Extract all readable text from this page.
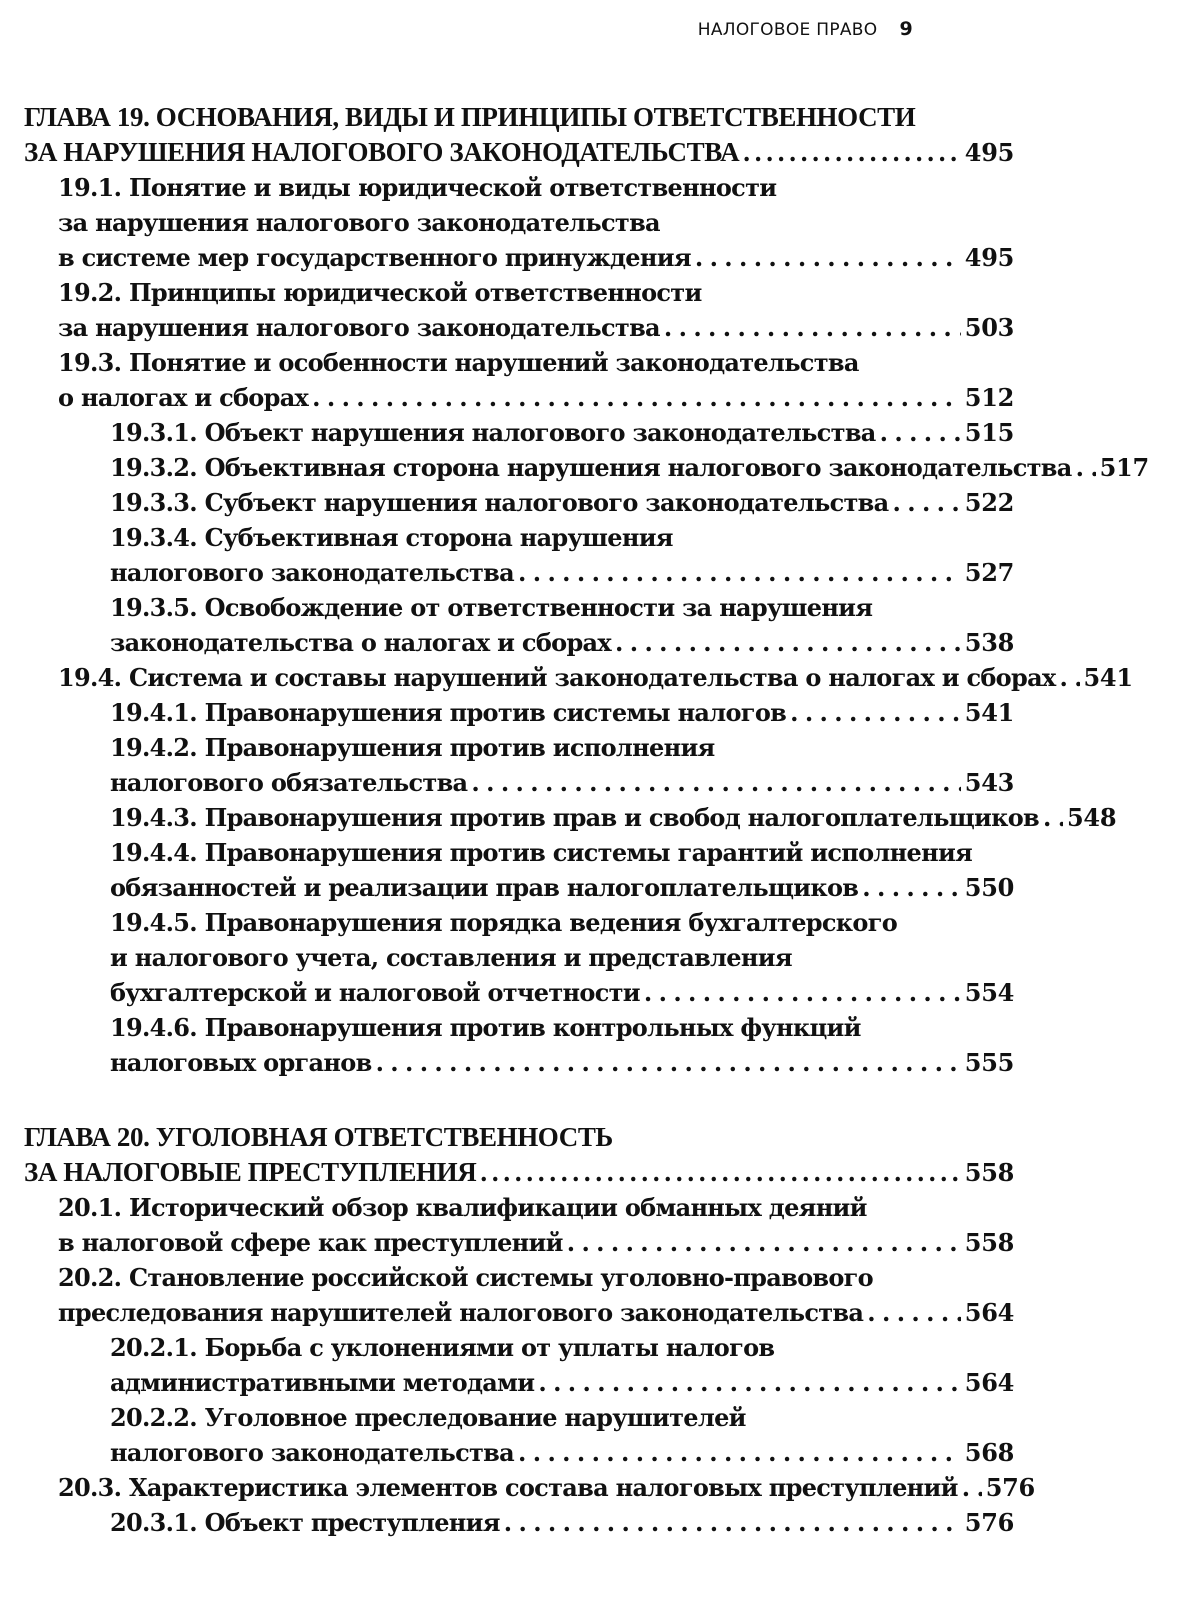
НАЛОГОВОЕ ПРАВО 9
ГЛАВА 19. ОСНОВАНИЯ, ВИДЫ И ПРИНЦИПЫ ОТВЕТСТВЕННОСТИ
ЗА НАРУШЕНИЯ НАЛОГОВОГО ЗАКОНОДАТЕЛЬСТВА . . .	495
19.1. Понятие и виды юридической ответственности
за нарушения налогового законодательства
в системе мер государственного принуждения . . .	495
19.2. Принципы юридической ответственности
за нарушения налогового законодательства . . .	503
19.3. Понятие и особенности нарушений законодательства
о налогах и сборах . . .	512
19.3.1. Объект нарушения налогового законодательства . . .	515
19.3.2. Объективная сторона нарушения налогового законодательства . . . 517
19.3.3. Субъект нарушения налогового законодательства . . .	522
19.3.4. Субъективная сторона нарушения
налогового законодательства . . .	527
19.3.5. Освобождение от ответственности за нарушения
законодательства о налогах и сборах . . .	538
19.4. Система и составы нарушений законодательства о налогах и сборах . . . 541
19.4.1. Правонарушения против системы налогов . . .	541
19.4.2. Правонарушения против исполнения
налогового обязательства . . .	543
19.4.3. Правонарушения против прав и свобод налогоплательщиков . . . 548
19.4.4. Правонарушения против системы гарантий исполнения
обязанностей и реализации прав налогоплательщиков . . .	550
19.4.5. Правонарушения порядка ведения бухгалтерского
и налогового учета, составления и представления
бухгалтерской и налоговой отчетности . . .	554
19.4.6. Правонарушения против контрольных функций
налоговых органов . . .	555
ГЛАВА 20. УГОЛОВНАЯ ОТВЕТСТВЕННОСТЬ
ЗА НАЛОГОВЫЕ ПРЕСТУПЛЕНИЯ . . .	558
20.1. Исторический обзор квалификации обманных деяний
в налоговой сфере как преступлений . . .	558
20.2. Становление российской системы уголовно-правового
преследования нарушителей налогового законодательства . . .	564
20.2.1. Борьба с уклонениями от уплаты налогов
административными методами . . .	564
20.2.2. Уголовное преследование нарушителей
налогового законодательства . . .	568
20.3. Характеристика элементов состава налоговых преступлений . . . 576
20.3.1. Объект преступления . . .	576
